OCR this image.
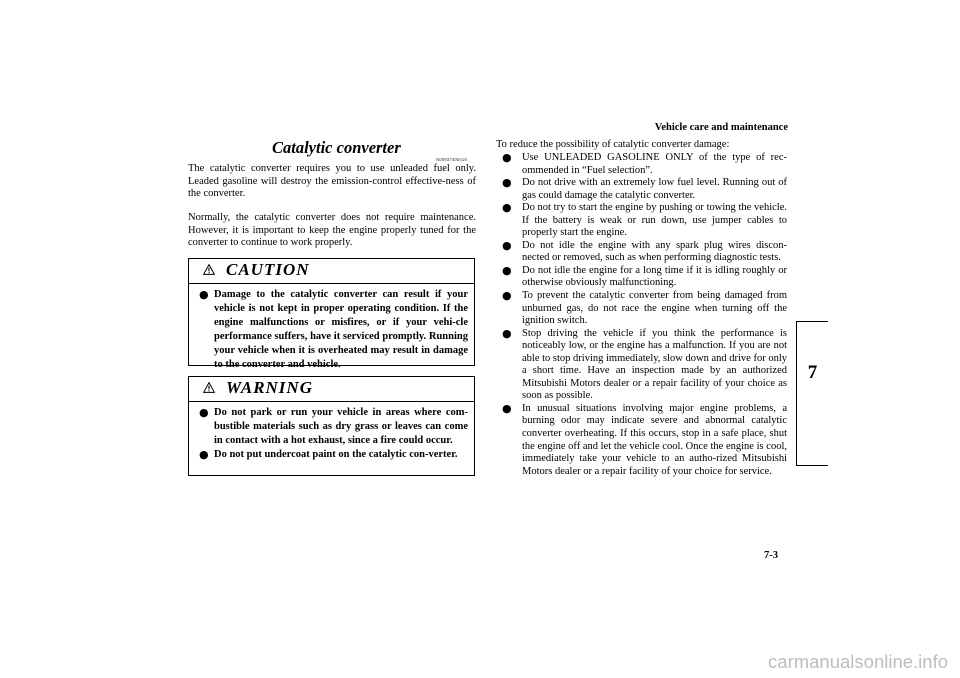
Vehicle care and maintenance
Catalytic converter
N00937400419

The catalytic converter requires you to use unleaded fuel only. Leaded gasoline will destroy the emission-control effective-ness of the converter.

Normally, the catalytic converter does not require maintenance. However, it is important to keep the engine properly tuned for the converter to continue to work properly.

CAUTION
● Damage to the catalytic converter can result if your vehicle is not kept in proper operating condition. If the engine malfunctions or misfires, or if your vehi-cle performance suffers, have it serviced promptly. Running your vehicle when it is overheated may result in damage to the converter and vehicle.
WARNING
● Do not park or run your vehicle in areas where com-bustible materials such as dry grass or leaves can come in contact with a hot exhaust, since a fire could occur.
● Do not put undercoat paint on the catalytic con-verter.
To reduce the possibility of catalytic converter damage:
● Use UNLEADED GASOLINE ONLY of the type of rec-ommended in “Fuel selection”.
● Do not drive with an extremely low fuel level. Running out of gas could damage the catalytic converter.
● Do not try to start the engine by pushing or towing the vehicle. If the battery is weak or run down, use jumper cables to properly start the engine.
● Do not idle the engine with any spark plug wires discon-nected or removed, such as when performing diagnostic tests.
● Do not idle the engine for a long time if it is idling roughly or otherwise obviously malfunctioning.
● To prevent the catalytic converter from being damaged from unburned gas, do not race the engine when turning off the ignition switch.
● Stop driving the vehicle if you think the performance is noticeably low, or the engine has a malfunction. If you are not able to stop driving immediately, slow down and drive for only a short time. Have an inspection made by an authorized Mitsubishi Motors dealer or a repair facility of your choice as soon as possible.
● In unusual situations involving major engine problems, a burning odor may indicate severe and abnormal catalytic converter overheating. If this occurs, stop in a safe place, shut the engine off and let the vehicle cool. Once the engine is cool, immediately take your vehicle to an autho-rized Mitsubishi Motors dealer or a repair facility of your choice for service.
7
7-3
carmanualsonline.info
